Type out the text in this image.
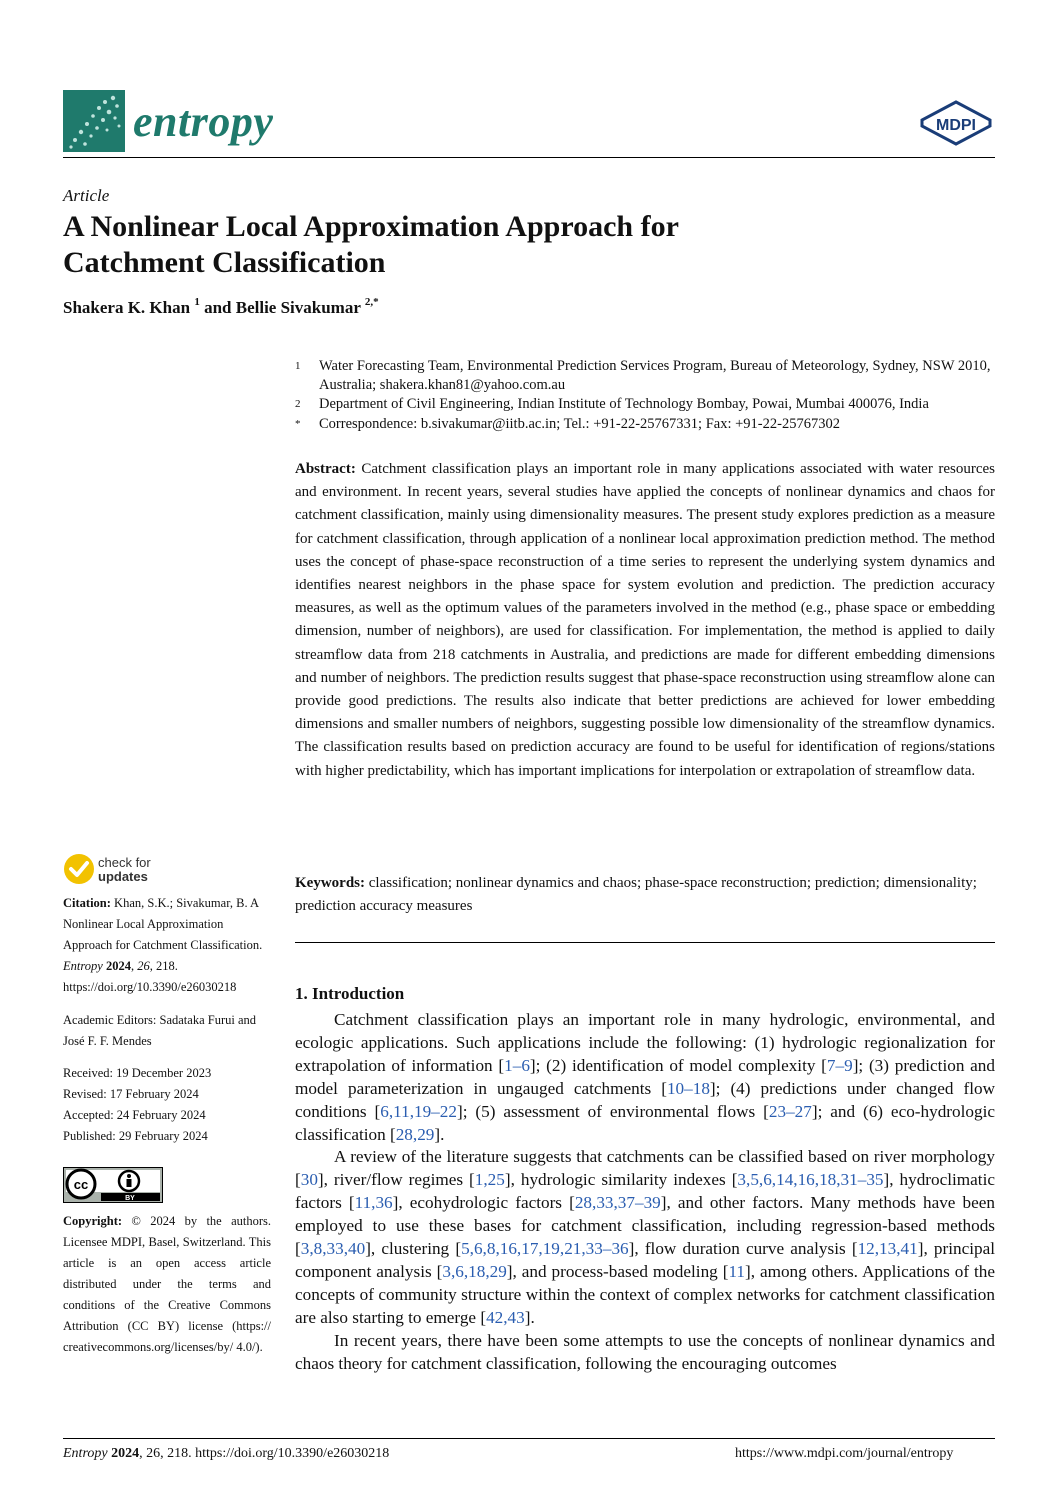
entropy	MDPI
Article
A Nonlinear Local Approximation Approach for Catchment Classification
Shakera K. Khan $^1$ and Bellie Sivakumar $^{2,*}$
1 Water Forecasting Team, Environmental Prediction Services Program, Bureau of Meteorology, Sydney, NSW 2010, Australia; shakera.khan81@yahoo.com.au
2 Department of Civil Engineering, Indian Institute of Technology Bombay, Powai, Mumbai 400076, India
* Correspondence: b.sivakumar@iitb.ac.in; Tel.: +91-22-25767331; Fax: +91-22-25767302
Abstract: Catchment classification plays an important role in many applications associated with water resources and environment. In recent years, several studies have applied the concepts of nonlinear dynamics and chaos for catchment classification, mainly using dimensionality measures. The present study explores prediction as a measure for catchment classification, through application of a nonlinear local approximation prediction method. The method uses the concept of phase-space reconstruction of a time series to represent the underlying system dynamics and identifies nearest neighbors in the phase space for system evolution and prediction. The prediction accuracy measures, as well as the optimum values of the parameters involved in the method (e.g., phase space or embedding dimension, number of neighbors), are used for classification. For implementation, the method is applied to daily streamflow data from 218 catchments in Australia, and predictions are made for different embedding dimensions and number of neighbors. The prediction results suggest that phase-space reconstruction using streamflow alone can provide good predictions. The results also indicate that better predictions are achieved for lower embedding dimensions and smaller numbers of neighbors, suggesting possible low dimensionality of the streamflow dynamics. The classification results based on prediction accuracy are found to be useful for identification of regions/stations with higher predictability, which has important implications for interpolation or extrapolation of streamflow data.
Keywords: classification; nonlinear dynamics and chaos; phase-space reconstruction; prediction; dimensionality; prediction accuracy measures
1. Introduction

Catchment classification plays an important role in many hydrologic, environmental, and ecologic applications. Such applications include the following: (1) hydrologic regionalization for extrapolation of information [1–6]; (2) identification of model complexity [7–9]; (3) prediction and model parameterization in ungauged catchments [10–18]; (4) predictions under changed flow conditions [6,11,19–22]; (5) assessment of environmental flows [23–27]; and (6) eco-hydrologic classification [28,29].

A review of the literature suggests that catchments can be classified based on river morphology [30], river/flow regimes [1,25], hydrologic similarity indexes [3,5,6,14,16,18,31–35], hydroclimatic factors [11,36], ecohydrologic factors [28,33,37–39], and other factors. Many methods have been employed to use these bases for catchment classification, including regression-based methods [3,8,33,40], clustering [5,6,8,16,17,19,21,33–36], flow duration curve analysis [12,13,41], principal component analysis [3,6,18,29], and process-based modeling [11], among others. Applications of the concepts of community structure within the context of complex networks for catchment classification are also starting to emerge [42,43].

In recent years, there have been some attempts to use the concepts of nonlinear dynamics and chaos theory for catchment classification, following the encouraging outcomes

check for
updates
Citation: Khan, S.K.; Sivakumar, B. A Nonlinear Local Approximation Approach for Catchment Classification. Entropy 2024, 26, 218. https://doi.org/10.3390/e26030218
Academic Editors: Sadataka Furui and José F. F. Mendes
Received: 19 December 2023
Revised: 17 February 2024
Accepted: 24 February 2024
Published: 29 February 2024
cc
BY
Copyright: © 2024 by the authors. Licensee MDPI, Basel, Switzerland. This article is an open access article distributed under the terms and conditions of the Creative Commons Attribution (CC BY) license (https:// creativecommons.org/licenses/by/ 4.0/).
Entropy 2024, 26, 218. https://doi.org/10.3390/e26030218	https://www.mdpi.com/journal/entropy
